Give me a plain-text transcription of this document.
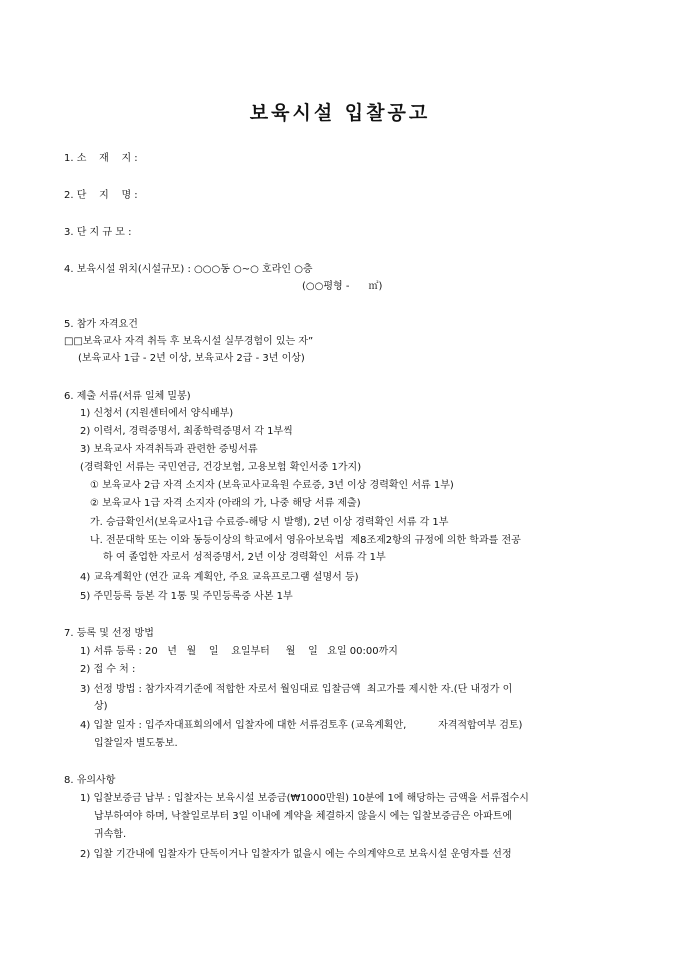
보육시설 입찰공고
1. 소    재    지 :
2. 단    지    명 :
3. 단 지 규 모 :
4. 보육시설 위치(시설규모) : ○○○동 ○~○ 호라인 ○층
(○○평형 -      ㎡)
5. 참가 자격요건
□□보육교사 자격 취득 후 보육시설 실무경험이 있는 자”
(보육교사 1급 - 2년 이상, 보육교사 2급 - 3년 이상)
6. 제출 서류(서류 일체 밀봉)
1) 신청서 (지원센터에서 양식배부)
2) 이력서, 경력증명서, 최종학력증명서 각 1부씩
3) 보육교사 자격취득과 관련한 증빙서류
(경력확인 서류는 국민연금, 건강보험, 고용보험 확인서중 1가지)
① 보육교사 2급 자격 소지자 (보육교사교육원 수료증, 3년 이상 경력확인 서류 1부)
② 보육교사 1급 자격 소지자 (아래의 가, 나중 해당 서류 제출)
가. 승급확인서(보육교사1급 수료증-해당 시 발행), 2년 이상 경력확인 서류 각 1부
나. 전문대학 또는 이와 동등이상의 학교에서 영유아보육법  제8조제2항의 규정에 의한 학과를 전공
하 여 졸업한 자로서 성적증명서, 2년 이상 경력확인  서류 각 1부
4) 교육계획안 (연간 교육 계획안, 주요 교육프로그램 설명서 등)
5) 주민등록 등본 각 1통 및 주민등록증 사본 1부
7. 등록 및 선정 방법
1) 서류 등록 : 20   년   월    일    요일부터     월    일   요일 00:00까지
2) 접 수 처 :
3) 선정 방법 : 참가자격기준에 적합한 자로서 월임대료 입찰금액  최고가를 제시한 자.(단 내정가 이
상)
4) 입찰 일자 : 입주자대표회의에서 입찰자에 대한 서류검토후 (교육계획안,          자격적합여부 검토)
입찰일자 별도통보.
8. 유의사항
1) 입찰보증금 납부 : 입찰자는 보육시설 보증금(₩1000만원) 10분에 1에 해당하는 금액을 서류접수시
납부하여야 하며, 낙찰일로부터 3일 이내에 계약을 체결하지 않을시 에는 입찰보증금은 아파트에
귀속함.
2) 입찰 기간내에 입찰자가 단독이거나 입찰자가 없을시 에는 수의계약으로 보육시설 운영자를 선정
